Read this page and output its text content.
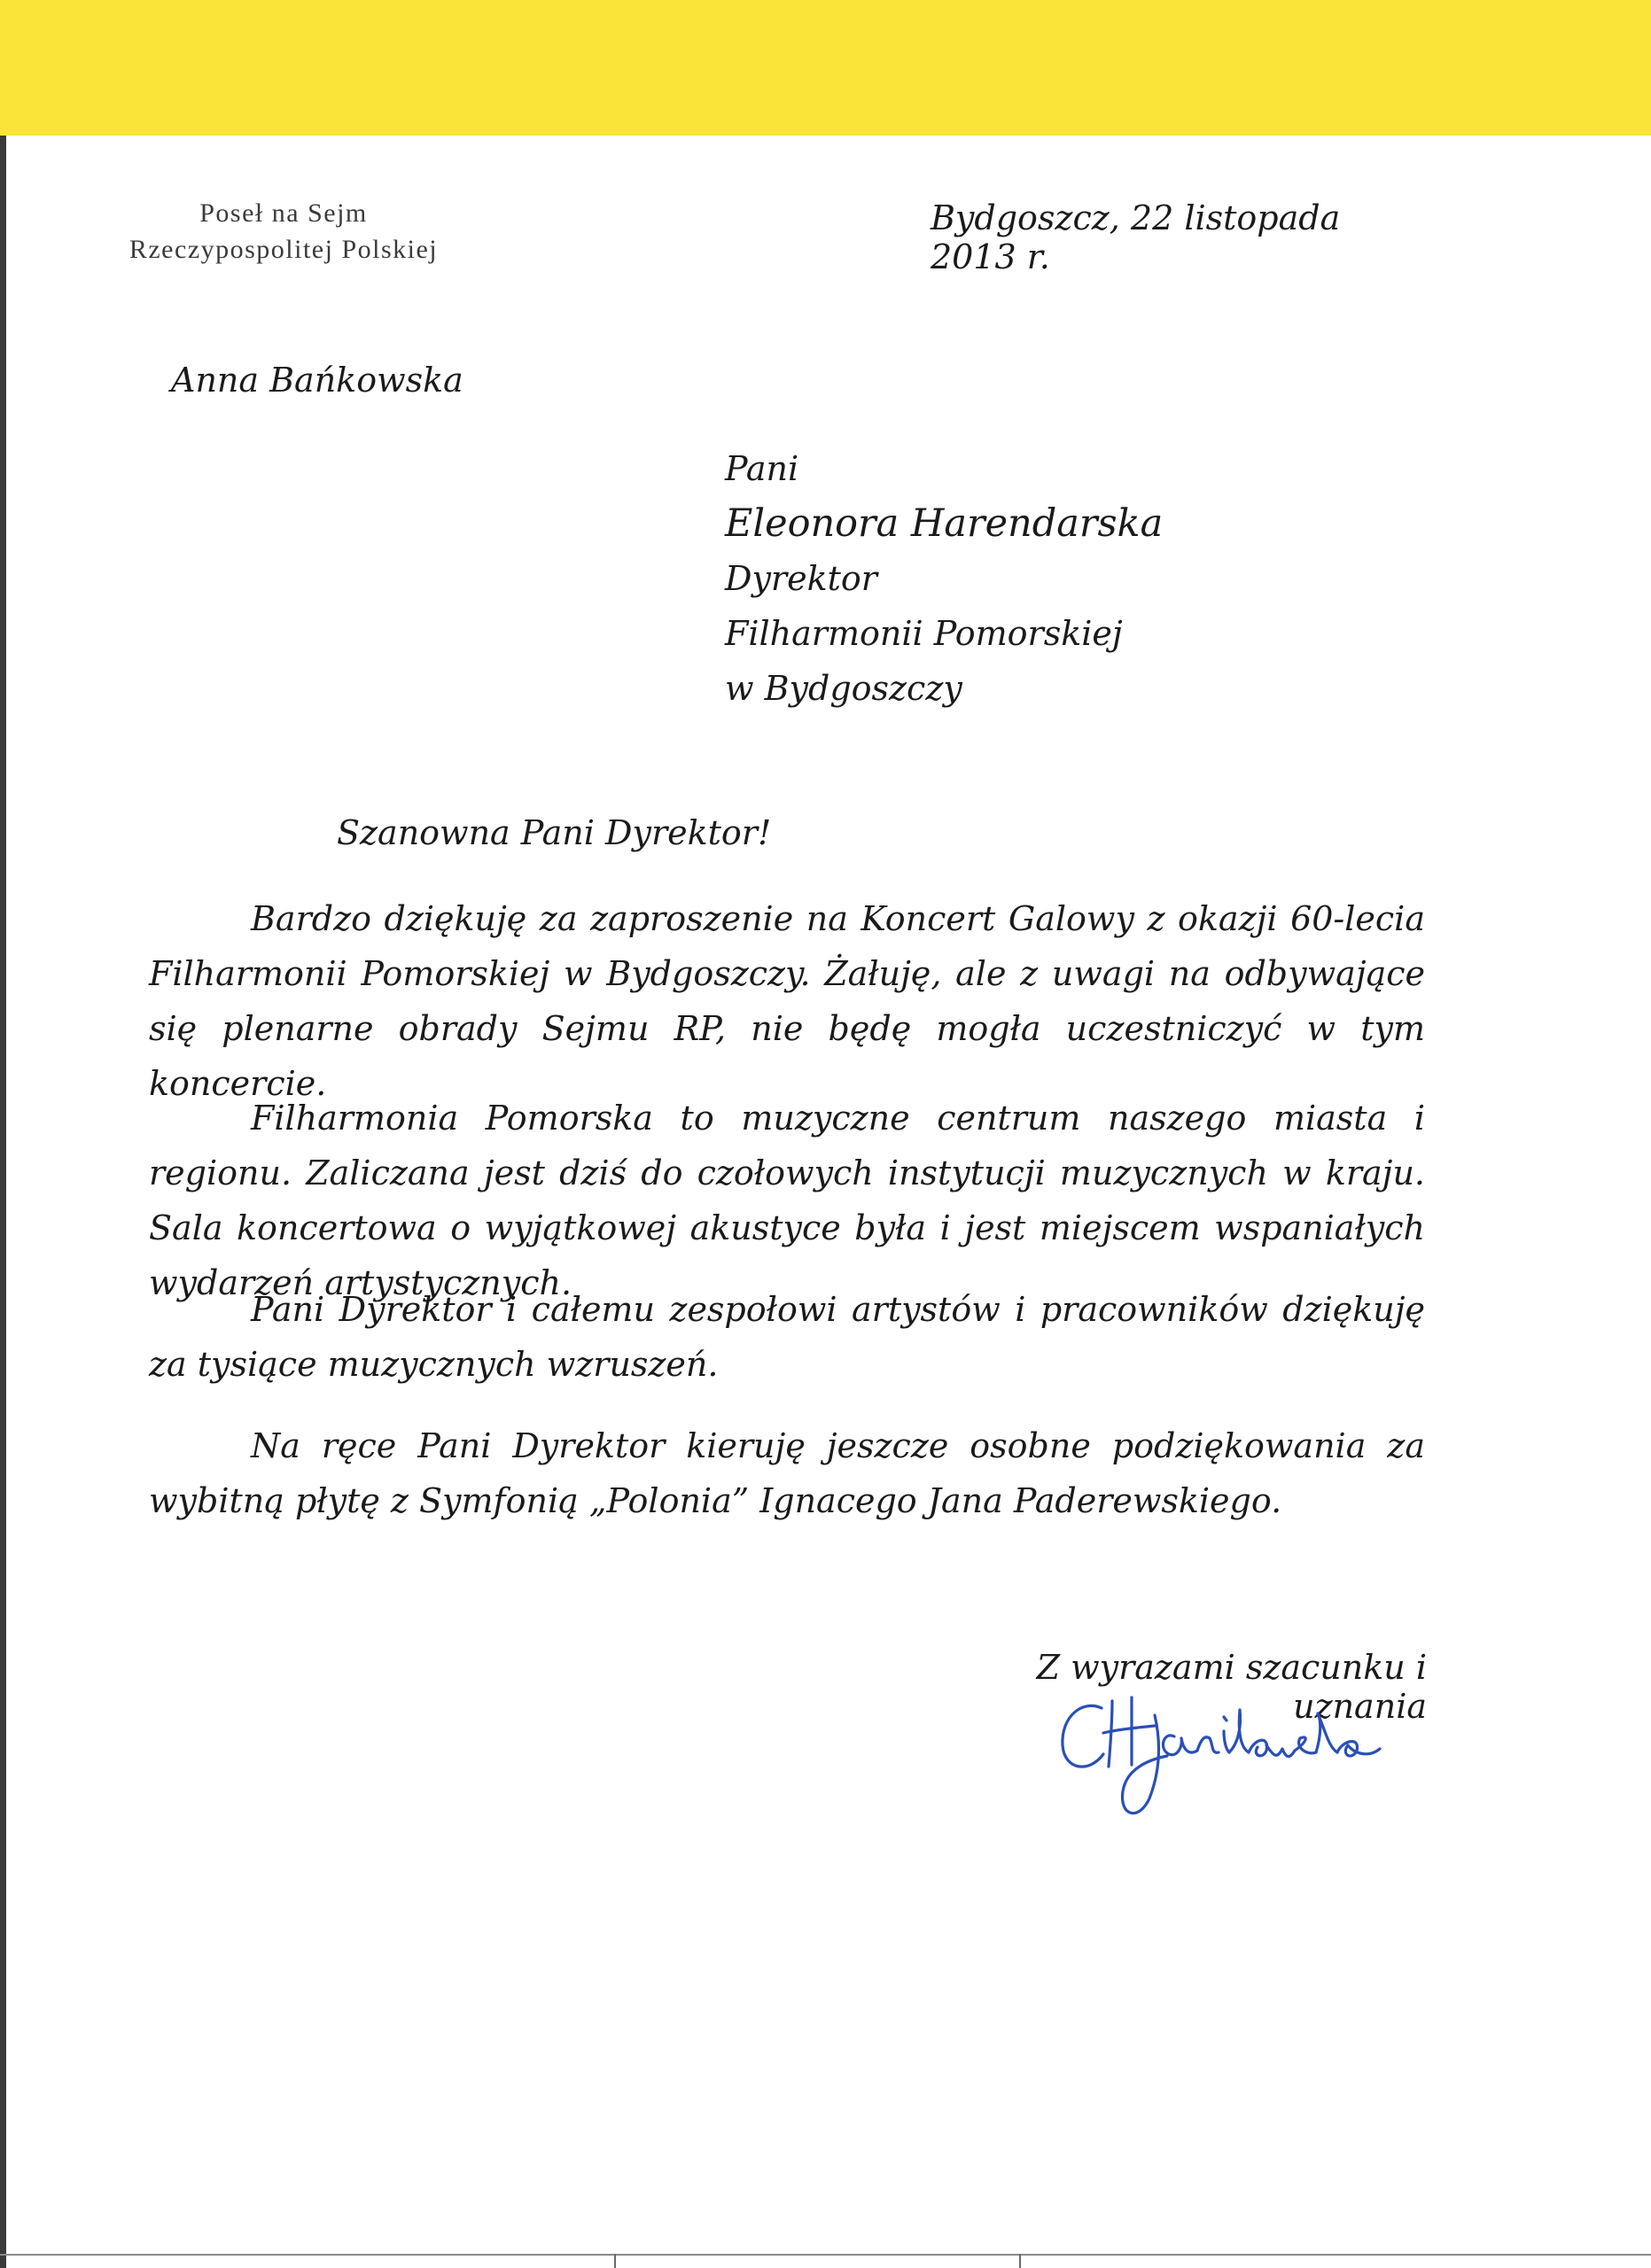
Poseł na Sejm
Rzeczypospolitej Polskiej
Bydgoszcz, 22 listopada 2013 r.
Anna Bańkowska
Pani
Eleonora Harendarska
Dyrektor
Filharmonii Pomorskiej
w Bydgoszczy
Szanowna Pani Dyrektor!

Bardzo dziękuję za zaproszenie na Koncert Galowy z okazji 60-lecia Filharmonii Pomorskiej w Bydgoszczy. Żałuję, ale z uwagi na odbywające się plenarne obrady Sejmu RP, nie będę mogła uczestniczyć w tym koncercie.

Filharmonia Pomorska to muzyczne centrum naszego miasta i regionu. Zaliczana jest dziś do czołowych instytucji muzycznych w kraju. Sala koncertowa o wyjątkowej akustyce była i jest miejscem wspaniałych wydarzeń artystycznych.

Pani Dyrektor i całemu zespołowi artystów i pracowników dziękuję za tysiące muzycznych wzruszeń.

Na ręce Pani Dyrektor kieruję jeszcze osobne podziękowania za wybitną płytę z Symfonią „Polonia” Ignacego Jana Paderewskiego.

Z wyrazami szacunku i uznania
